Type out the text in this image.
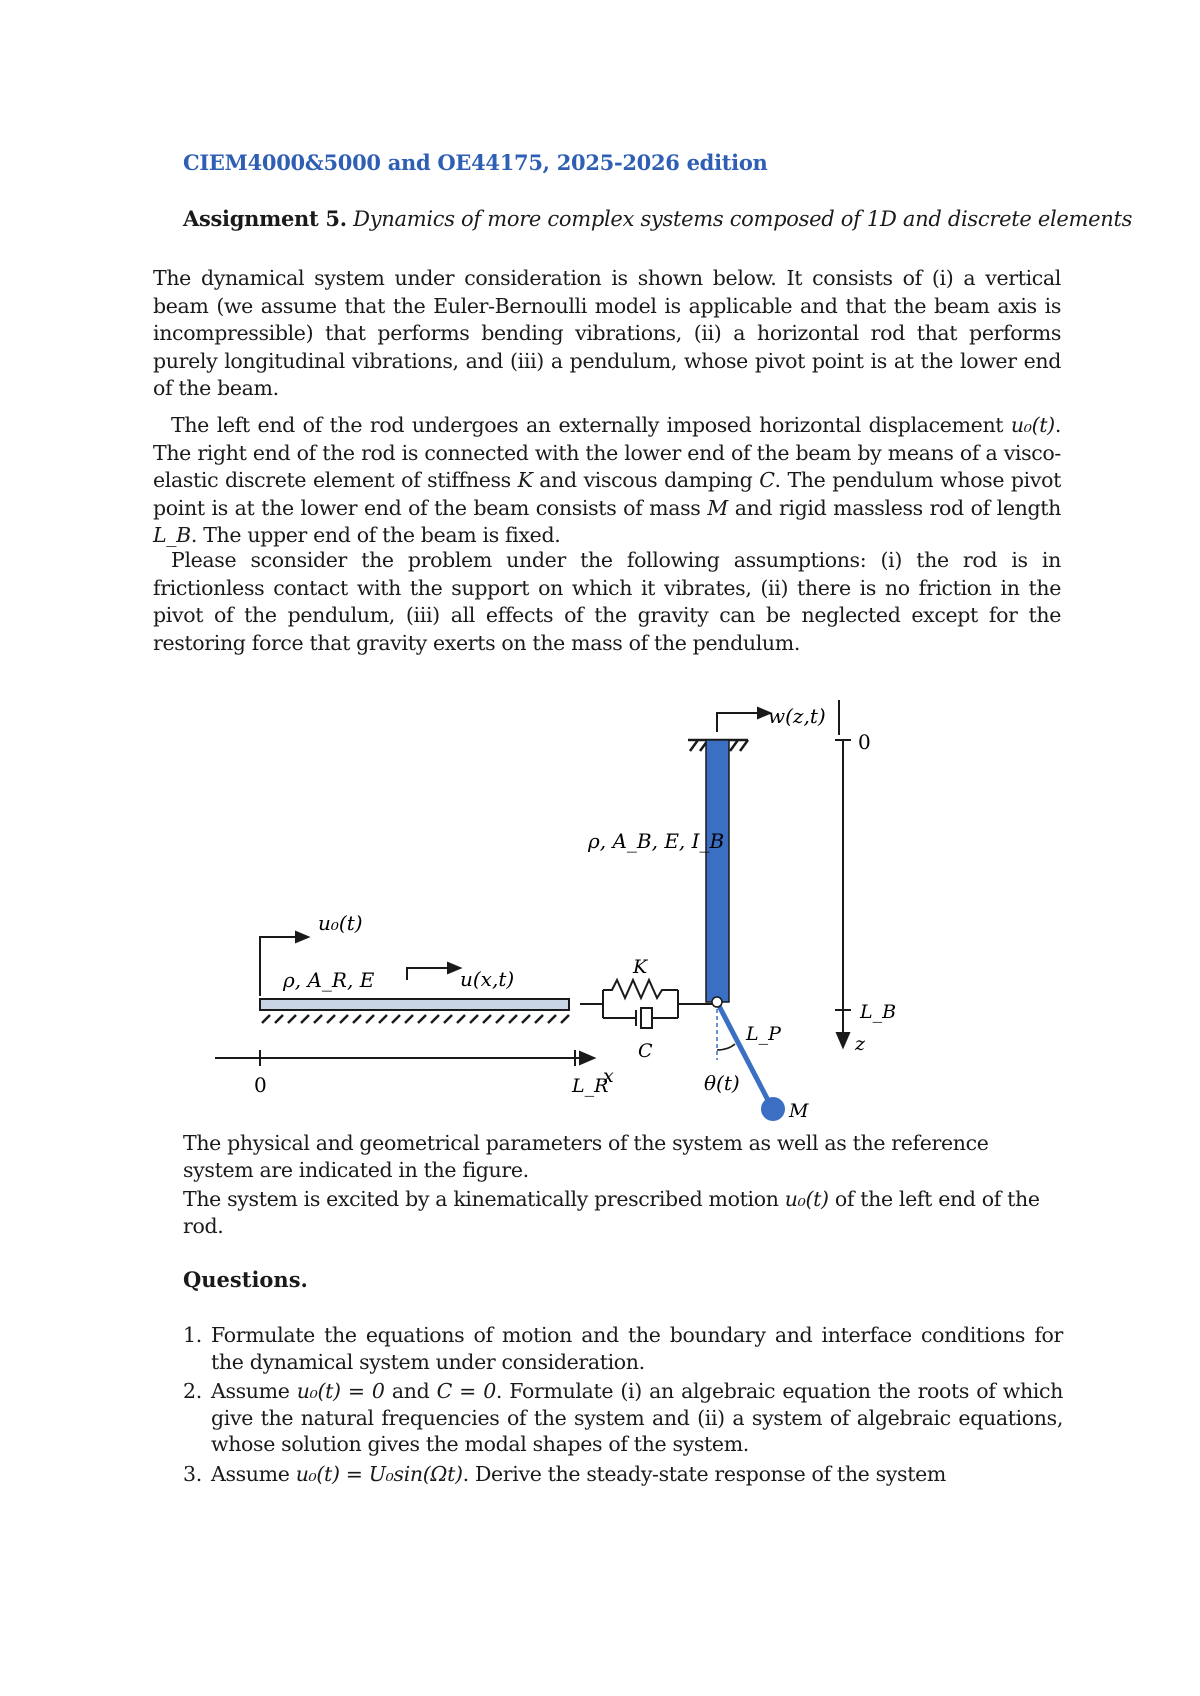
CIEM4000&5000 and OE44175, 2025-2026 edition
Assignment 5. Dynamics of more complex systems composed of 1D and discrete elements
The dynamical system under consideration is shown below. It consists of (i) a vertical beam (we assume that the Euler-Bernoulli model is applicable and that the beam axis is incompressible) that performs bending vibrations, (ii) a horizontal rod that performs purely longitudinal vibrations, and (iii) a pendulum, whose pivot point is at the lower end of the beam.
The left end of the rod undergoes an externally imposed horizontal displacement u₀(t). The right end of the rod is connected with the lower end of the beam by means of a visco-elastic discrete element of stiffness K and viscous damping C. The pendulum whose pivot point is at the lower end of the beam consists of mass M and rigid massless rod of length L_B. The upper end of the beam is fixed.
Please sconsider the problem under the following assumptions: (i) the rod is in frictionless contact with the support on which it vibrates, (ii) there is no friction in the pivot of the pendulum, (iii) all effects of the gravity can be neglected except for the restoring force that gravity exerts on the mass of the pendulum.
w(z,t)
0
L_B
z
ρ, A_B, E, I_B
L_P
θ(t)
M
u₀(t)
ρ, A_R, E	u(x,t)	K
C
0	L_R
x
The physical and geometrical parameters of the system as well as the reference system are indicated in the figure.
The system is excited by a kinematically prescribed motion u₀(t) of the left end of the rod.
Questions.
1. Formulate the equations of motion and the boundary and interface conditions for the dynamical system under consideration.
2. Assume u₀(t) = 0 and C = 0. Formulate (i) an algebraic equation the roots of which give the natural frequencies of the system and (ii) a system of algebraic equations, whose solution gives the modal shapes of the system.
3. Assume u₀(t) = U₀sin(Ωt). Derive the steady-state response of the system
